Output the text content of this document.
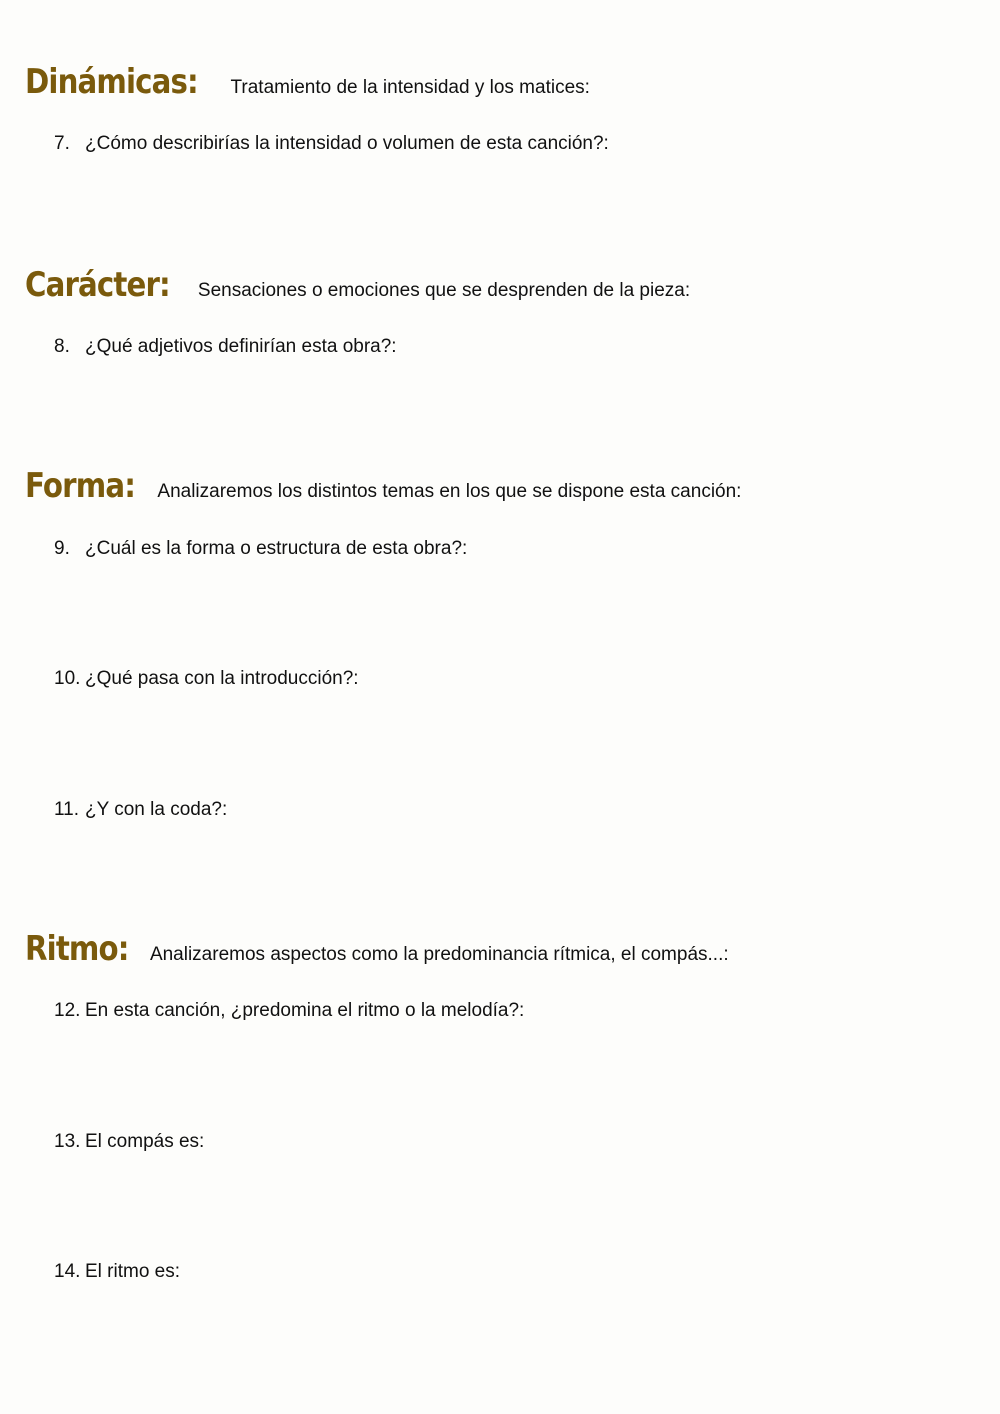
Dinámicas: Tratamiento de la intensidad y los matices:
7. ¿Cómo describirías la intensidad o volumen de esta canción?:
Carácter: Sensaciones o emociones que se desprenden de la pieza:
8. ¿Qué adjetivos definirían esta obra?:
Forma: Analizaremos los distintos temas en los que se dispone esta canción:
9. ¿Cuál es la forma o estructura de esta obra?:
10. ¿Qué pasa con la introducción?:
11. ¿Y con la coda?:
Ritmo: Analizaremos aspectos como la predominancia rítmica, el compás...:
12. En esta canción, ¿predomina el ritmo o la melodía?:
13. El compás es:
14. El ritmo es:
